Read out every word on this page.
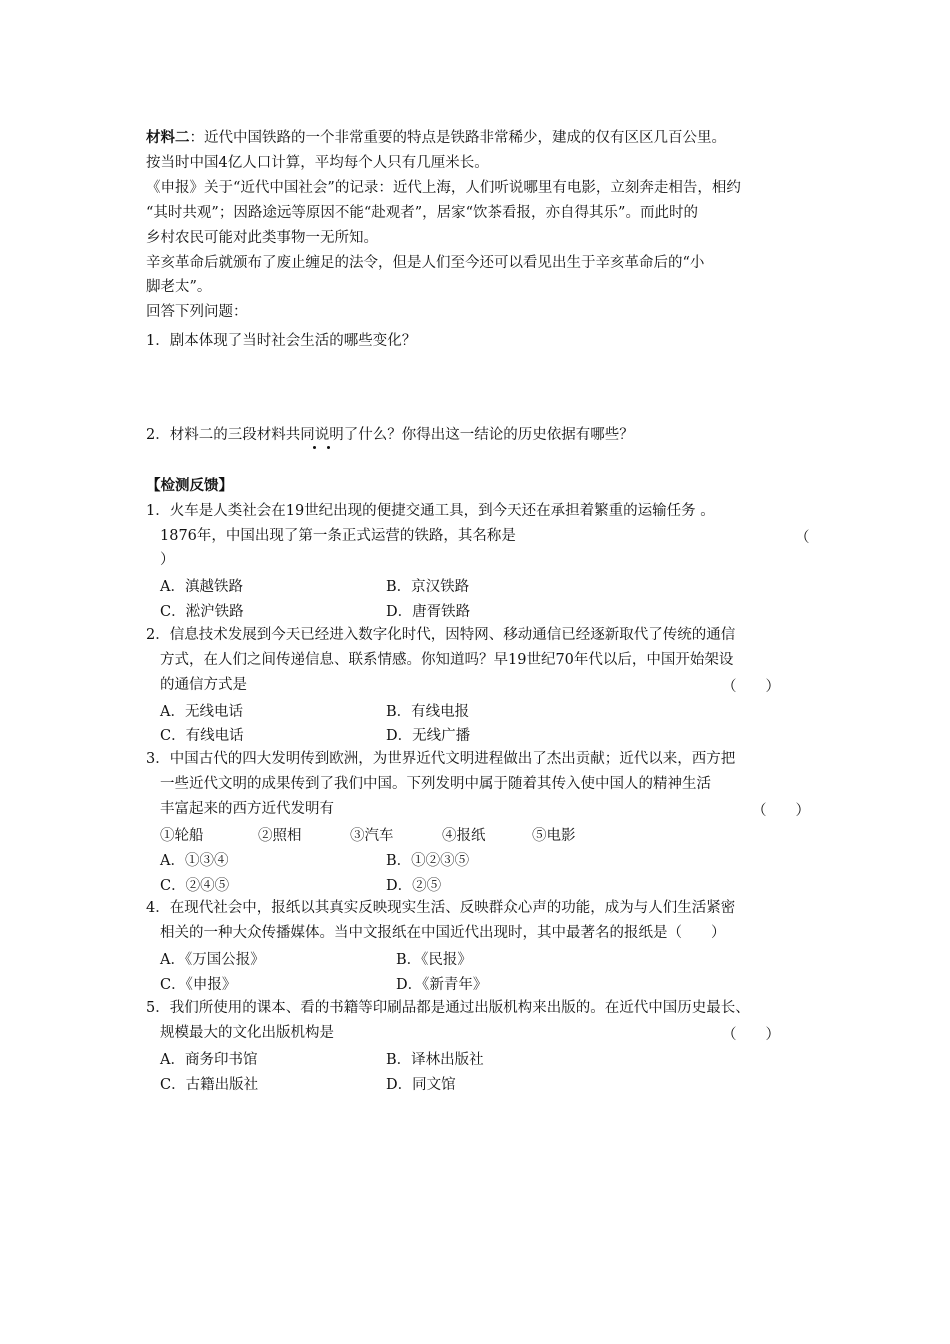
材料二：近代中国铁路的一个非常重要的特点是铁路非常稀少，建成的仅有区区几百公里。
按当时中国4亿人口计算，平均每个人只有几厘米长。
《申报》关于“近代中国社会”的记录：近代上海，人们听说哪里有电影，立刻奔走相告，相约
“其时共观”；因路途远等原因不能“赴观者”，居家“饮茶看报，亦自得其乐”。而此时的
乡村农民可能对此类事物一无所知。
辛亥革命后就颁布了废止缠足的法令，但是人们至今还可以看见出生于辛亥革命后的“小
脚老太”。
回答下列问题：
1．剧本体现了当时社会生活的哪些变化？
2．材料二的三段材料共同说明了什么？你得出这一结论的历史依据有哪些？
【检测反馈】
1．火车是人类社会在19世纪出现的便捷交通工具，到今天还在承担着繁重的运输任务 。
1876年，中国出现了第一条正式运营的铁路，其名称是	（
）
A．滇越铁路	B．京汉铁路
C．淞沪铁路	D．唐胥铁路
2．信息技术发展到今天已经进入数字化时代，因特网、移动通信已经逐新取代了传统的通信
方式，在人们之间传递信息、联系情感。你知道吗？早19世纪70年代以后，中国开始架设
的通信方式是	（　　）
A．无线电话	B．有线电报
C．有线电话	D．无线广播
3．中国古代的四大发明传到欧洲，为世界近代文明进程做出了杰出贡献；近代以来，西方把
一些近代文明的成果传到了我们中国。下列发明中属于随着其传入使中国人的精神生活
丰富起来的西方近代发明有	（　　）
①轮船	②照相	③汽车	④报纸	⑤电影
A．①③④	B．①②③⑤
C．②④⑤	D．②⑤
4．在现代社会中，报纸以其真实反映现实生活、反映群众心声的功能，成为与人们生活紧密
相关的一种大众传播媒体。当中文报纸在中国近代出现时，其中最著名的报纸是（　　）
A．《万国公报》	B．《民报》
C．《申报》	D．《新青年》
5．我们所使用的课本、看的书籍等印刷品都是通过出版机构来出版的。在近代中国历史最长、
规模最大的文化出版机构是	（　　）
A．商务印书馆	B．译林出版社
C．古籍出版社	D．同文馆
